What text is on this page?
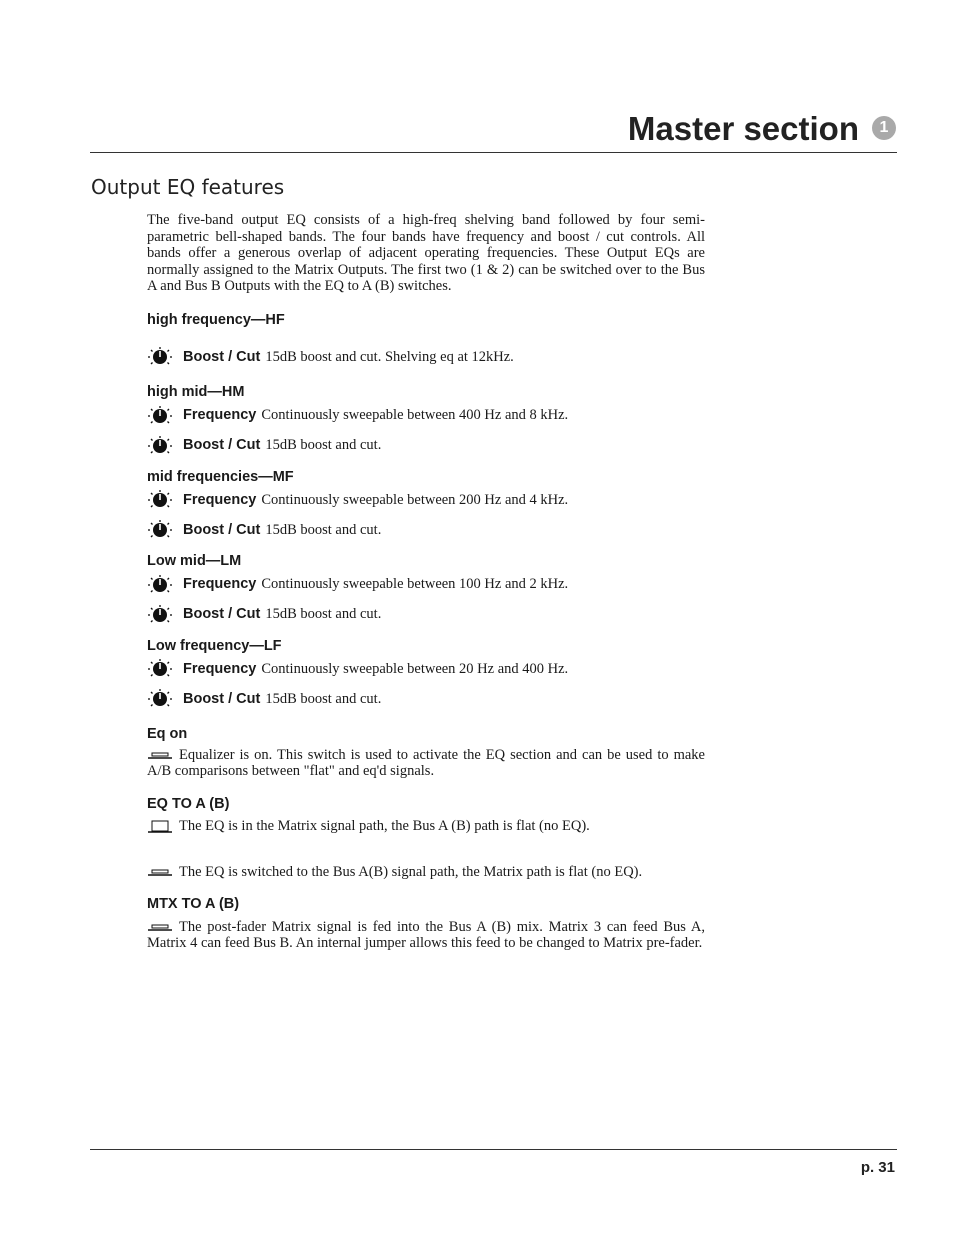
Master section	1
Output EQ features

The five-band output EQ consists of a high-freq shelving band followed by four semi-parametric bell-shaped bands. The four bands have frequency and boost / cut controls. All bands offer a generous overlap of adjacent operating frequencies. These Output EQs are normally assigned to the Matrix Outputs. The first two (1 & 2) can be switched over to the Bus A and Bus B Outputs with the EQ to A (B) switches.

high frequency—HF

Boost / Cut 15dB boost and cut. Shelving eq at 12kHz.

high mid—HM

Frequency Continuously sweepable between 400 Hz and 8 kHz.
Boost / Cut 15dB boost and cut.

mid frequencies—MF

Frequency Continuously sweepable between 200 Hz and 4 kHz.
Boost / Cut 15dB boost and cut.

Low mid—LM

Frequency Continuously sweepable between 100 Hz and 2 kHz.
Boost / Cut 15dB boost and cut.

Low frequency—LF

Frequency Continuously sweepable between 20 Hz and 400 Hz.
Boost / Cut 15dB boost and cut.

Eq on

Equalizer is on. This switch is used to activate the EQ section and can be used to make A/B comparisons between "flat" and eq'd signals.

EQ TO A (B)

The EQ is in the Matrix signal path, the Bus A (B) path is flat (no EQ).

The EQ is switched to the Bus A(B) signal path, the Matrix path is flat (no EQ).

MTX TO A (B)

The post-fader Matrix signal is fed into the Bus A (B) mix. Matrix 3 can feed Bus A, Matrix 4 can feed Bus B. An internal jumper allows this feed to be changed to Matrix pre-fader.

p. 31
